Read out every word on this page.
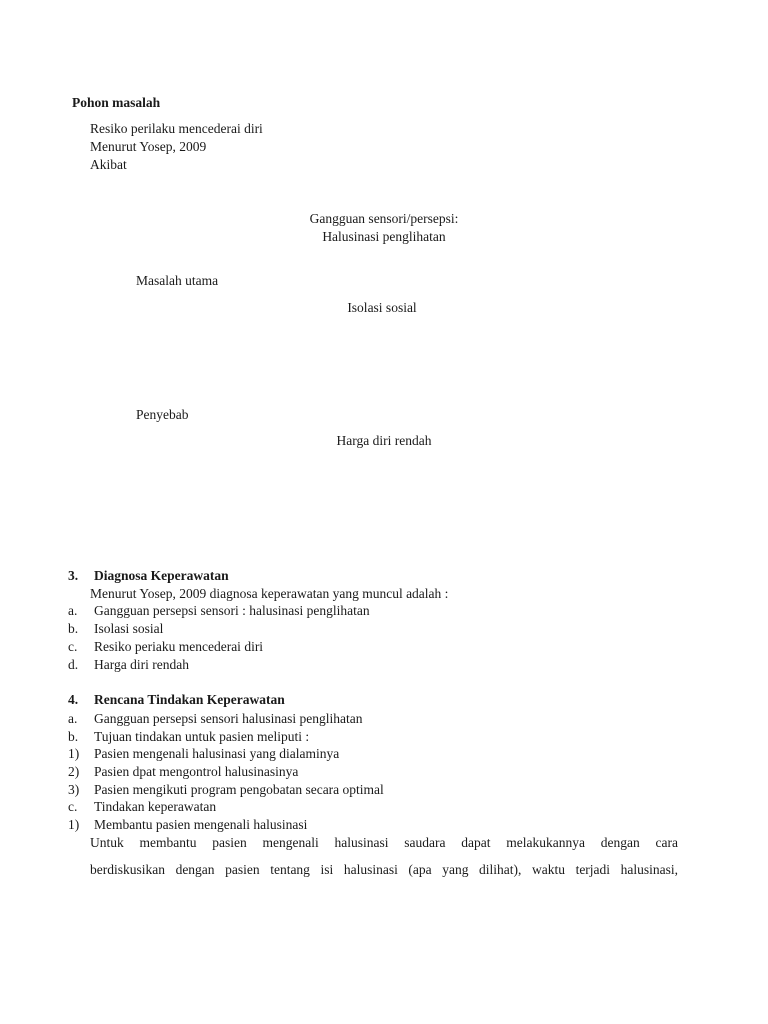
Pohon masalah
Resiko perilaku mencederai diri
Menurut Yosep, 2009
Akibat
Gangguan sensori/persepsi:
Halusinasi penglihatan
Masalah utama
Isolasi sosial
Penyebab
Harga diri rendah
3. Diagnosa Keperawatan
Menurut Yosep, 2009 diagnosa keperawatan yang muncul adalah :
a. Gangguan persepsi sensori : halusinasi penglihatan
b. Isolasi sosial
c. Resiko periaku mencederai diri
d. Harga diri rendah
4. Rencana Tindakan Keperawatan
a. Gangguan persepsi sensori halusinasi penglihatan
b. Tujuan tindakan untuk pasien meliputi :
1) Pasien mengenali halusinasi yang dialaminya
2) Pasien dpat mengontrol halusinasinya
3) Pasien mengikuti program pengobatan secara optimal
c. Tindakan keperawatan
1) Membantu pasien mengenali halusinasi
Untuk membantu pasien mengenali halusinasi saudara dapat melakukannya dengan cara
berdiskusikan dengan pasien tentang isi halusinasi (apa yang dilihat), waktu terjadi halusinasi,
